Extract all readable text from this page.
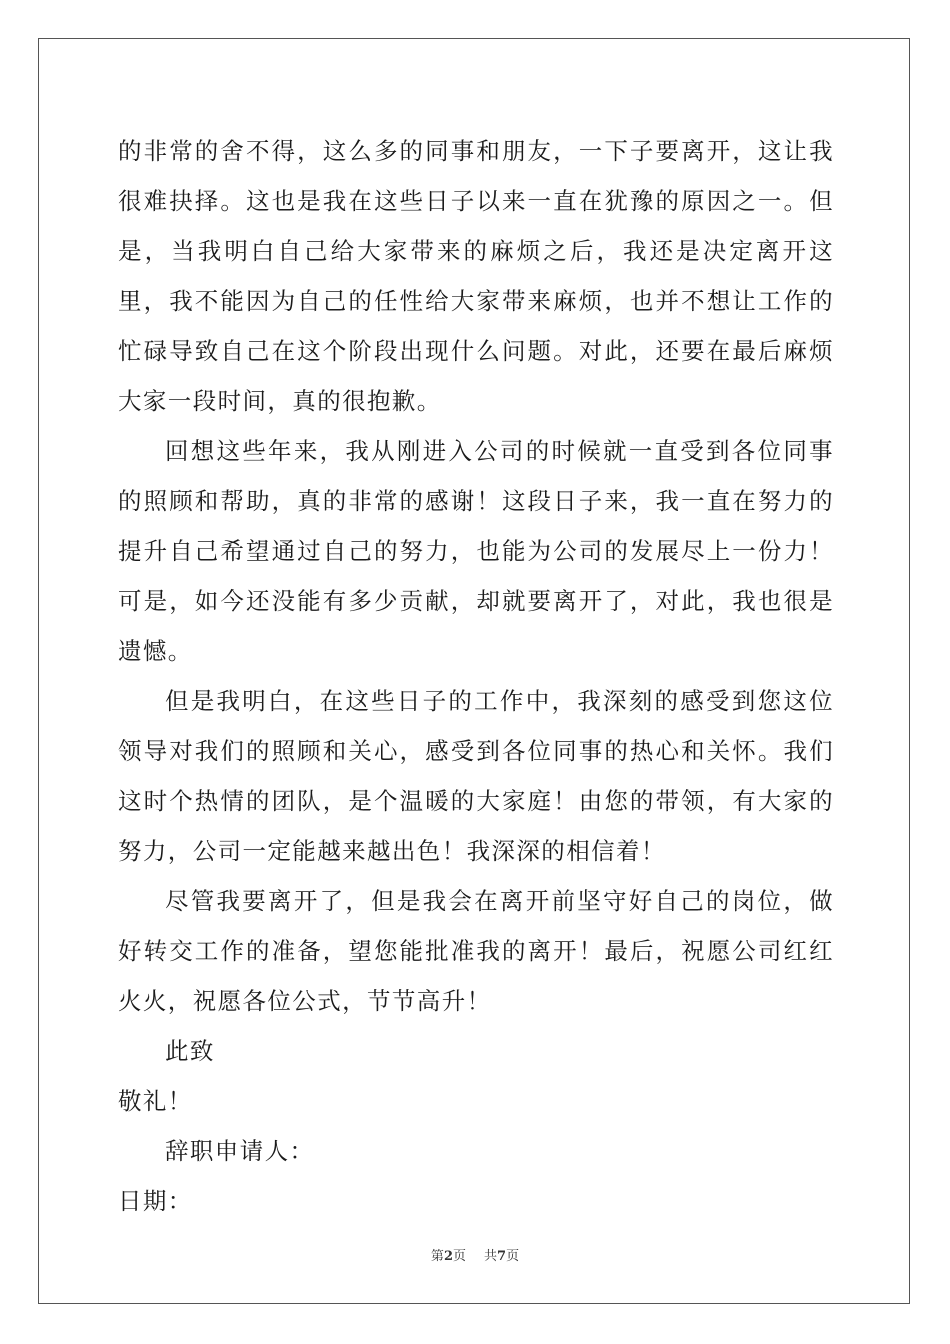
的非常的舍不得，这么多的同事和朋友，一下子要离开，这让我很难抉择。这也是我在这些日子以来一直在犹豫的原因之一。但是，当我明白自己给大家带来的麻烦之后，我还是决定离开这里，我不能因为自己的任性给大家带来麻烦，也并不想让工作的忙碌导致自己在这个阶段出现什么问题。对此，还要在最后麻烦大家一段时间，真的很抱歉。

回想这些年来，我从刚进入公司的时候就一直受到各位同事的照顾和帮助，真的非常的感谢！这段日子来，我一直在努力的提升自己希望通过自己的努力，也能为公司的发展尽上一份力！可是，如今还没能有多少贡献，却就要离开了，对此，我也很是遗憾。

但是我明白，在这些日子的工作中，我深刻的感受到您这位领导对我们的照顾和关心，感受到各位同事的热心和关怀。我们这时个热情的团队，是个温暖的大家庭！由您的带领，有大家的努力，公司一定能越来越出色！我深深的相信着！

尽管我要离开了，但是我会在离开前坚守好自己的岗位，做好转交工作的准备，望您能批准我的离开！最后，祝愿公司红红火火，祝愿各位公式，节节高升！

此致

敬礼！

辞职申请人：

日期：

第2页 共7页
